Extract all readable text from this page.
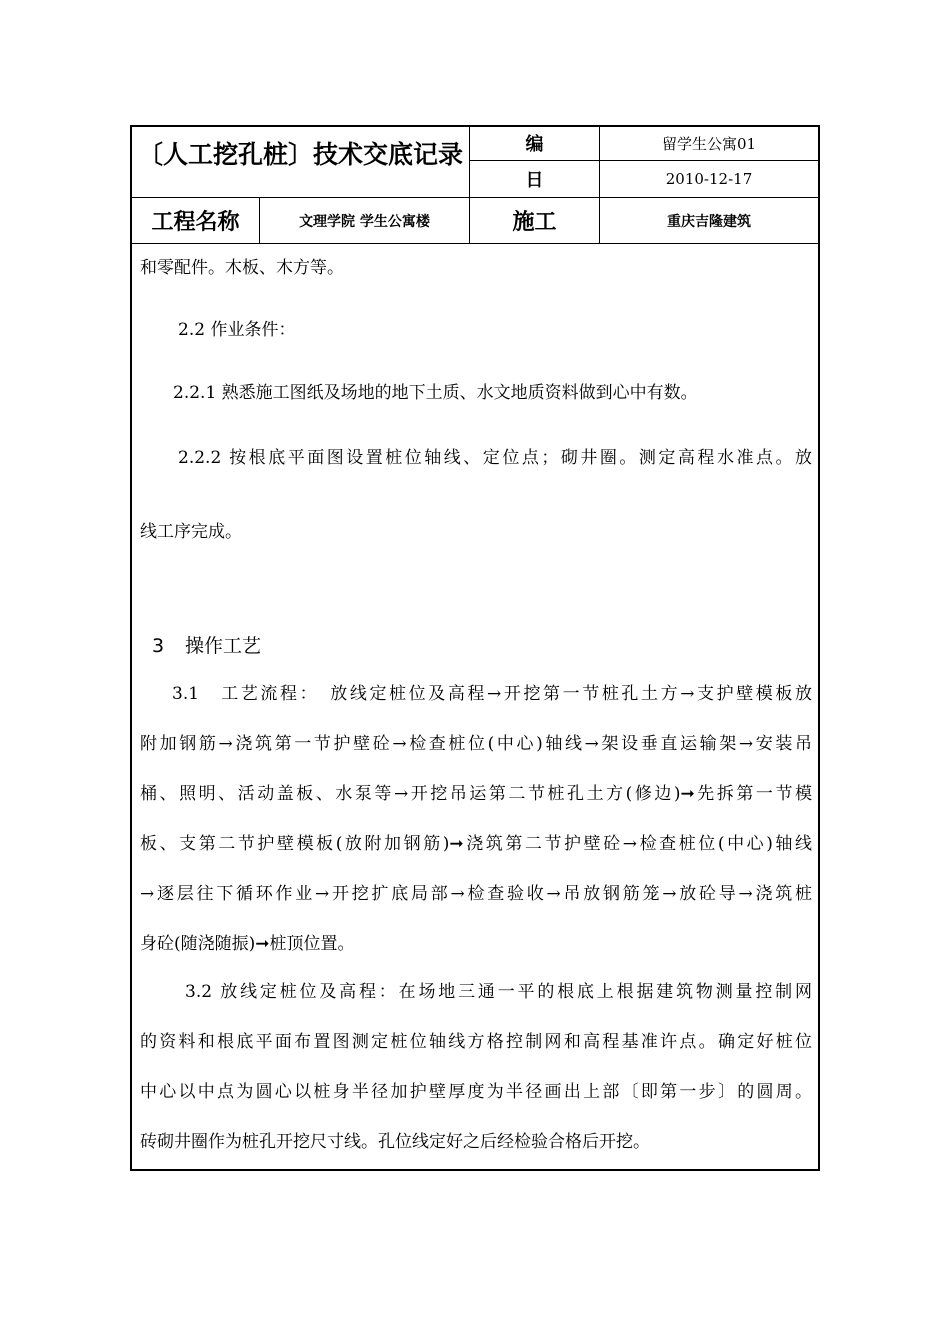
〔人工挖孔桩〕技术交底记录	编	留学生公寓01
日	2010-12-17
工程名称	文理学院 学生公寓楼	施工	重庆吉隆建筑
和零配件。木板、木方等。
2.2 作业条件：
2.2.1 熟悉施工图纸及场地的地下土质、水文地质资料做到心中有数。
2.2.2 按根底平面图设置桩位轴线、定位点；砌井圈。测定高程水准点。放
线工序完成。
3 操作工艺
3.1　工艺流程：　放线定桩位及高程→开挖第一节桩孔土方→支护壁模板放
附加钢筋→浇筑第一节护壁砼→检查桩位(中心)轴线→架设垂直运输架→安装吊
桶、照明、活动盖板、水泵等→开挖吊运第二节桩孔土方(修边)➞先拆第一节模
板、支第二节护壁模板(放附加钢筋)➞浇筑第二节护壁砼→检查桩位(中心)轴线
→逐层往下循环作业→开挖扩底局部→检查验收→吊放钢筋笼→放砼导→浇筑桩
身砼(随浇随振)➞桩顶位置。
3.2 放线定桩位及高程：在场地三通一平的根底上根据建筑物测量控制网
的资料和根底平面布置图测定桩位轴线方格控制网和高程基准许点。确定好桩位
中心以中点为圆心以桩身半径加护壁厚度为半径画出上部〔即第一步〕的圆周。
砖砌井圈作为桩孔开挖尺寸线。孔位线定好之后经检验合格后开挖。
